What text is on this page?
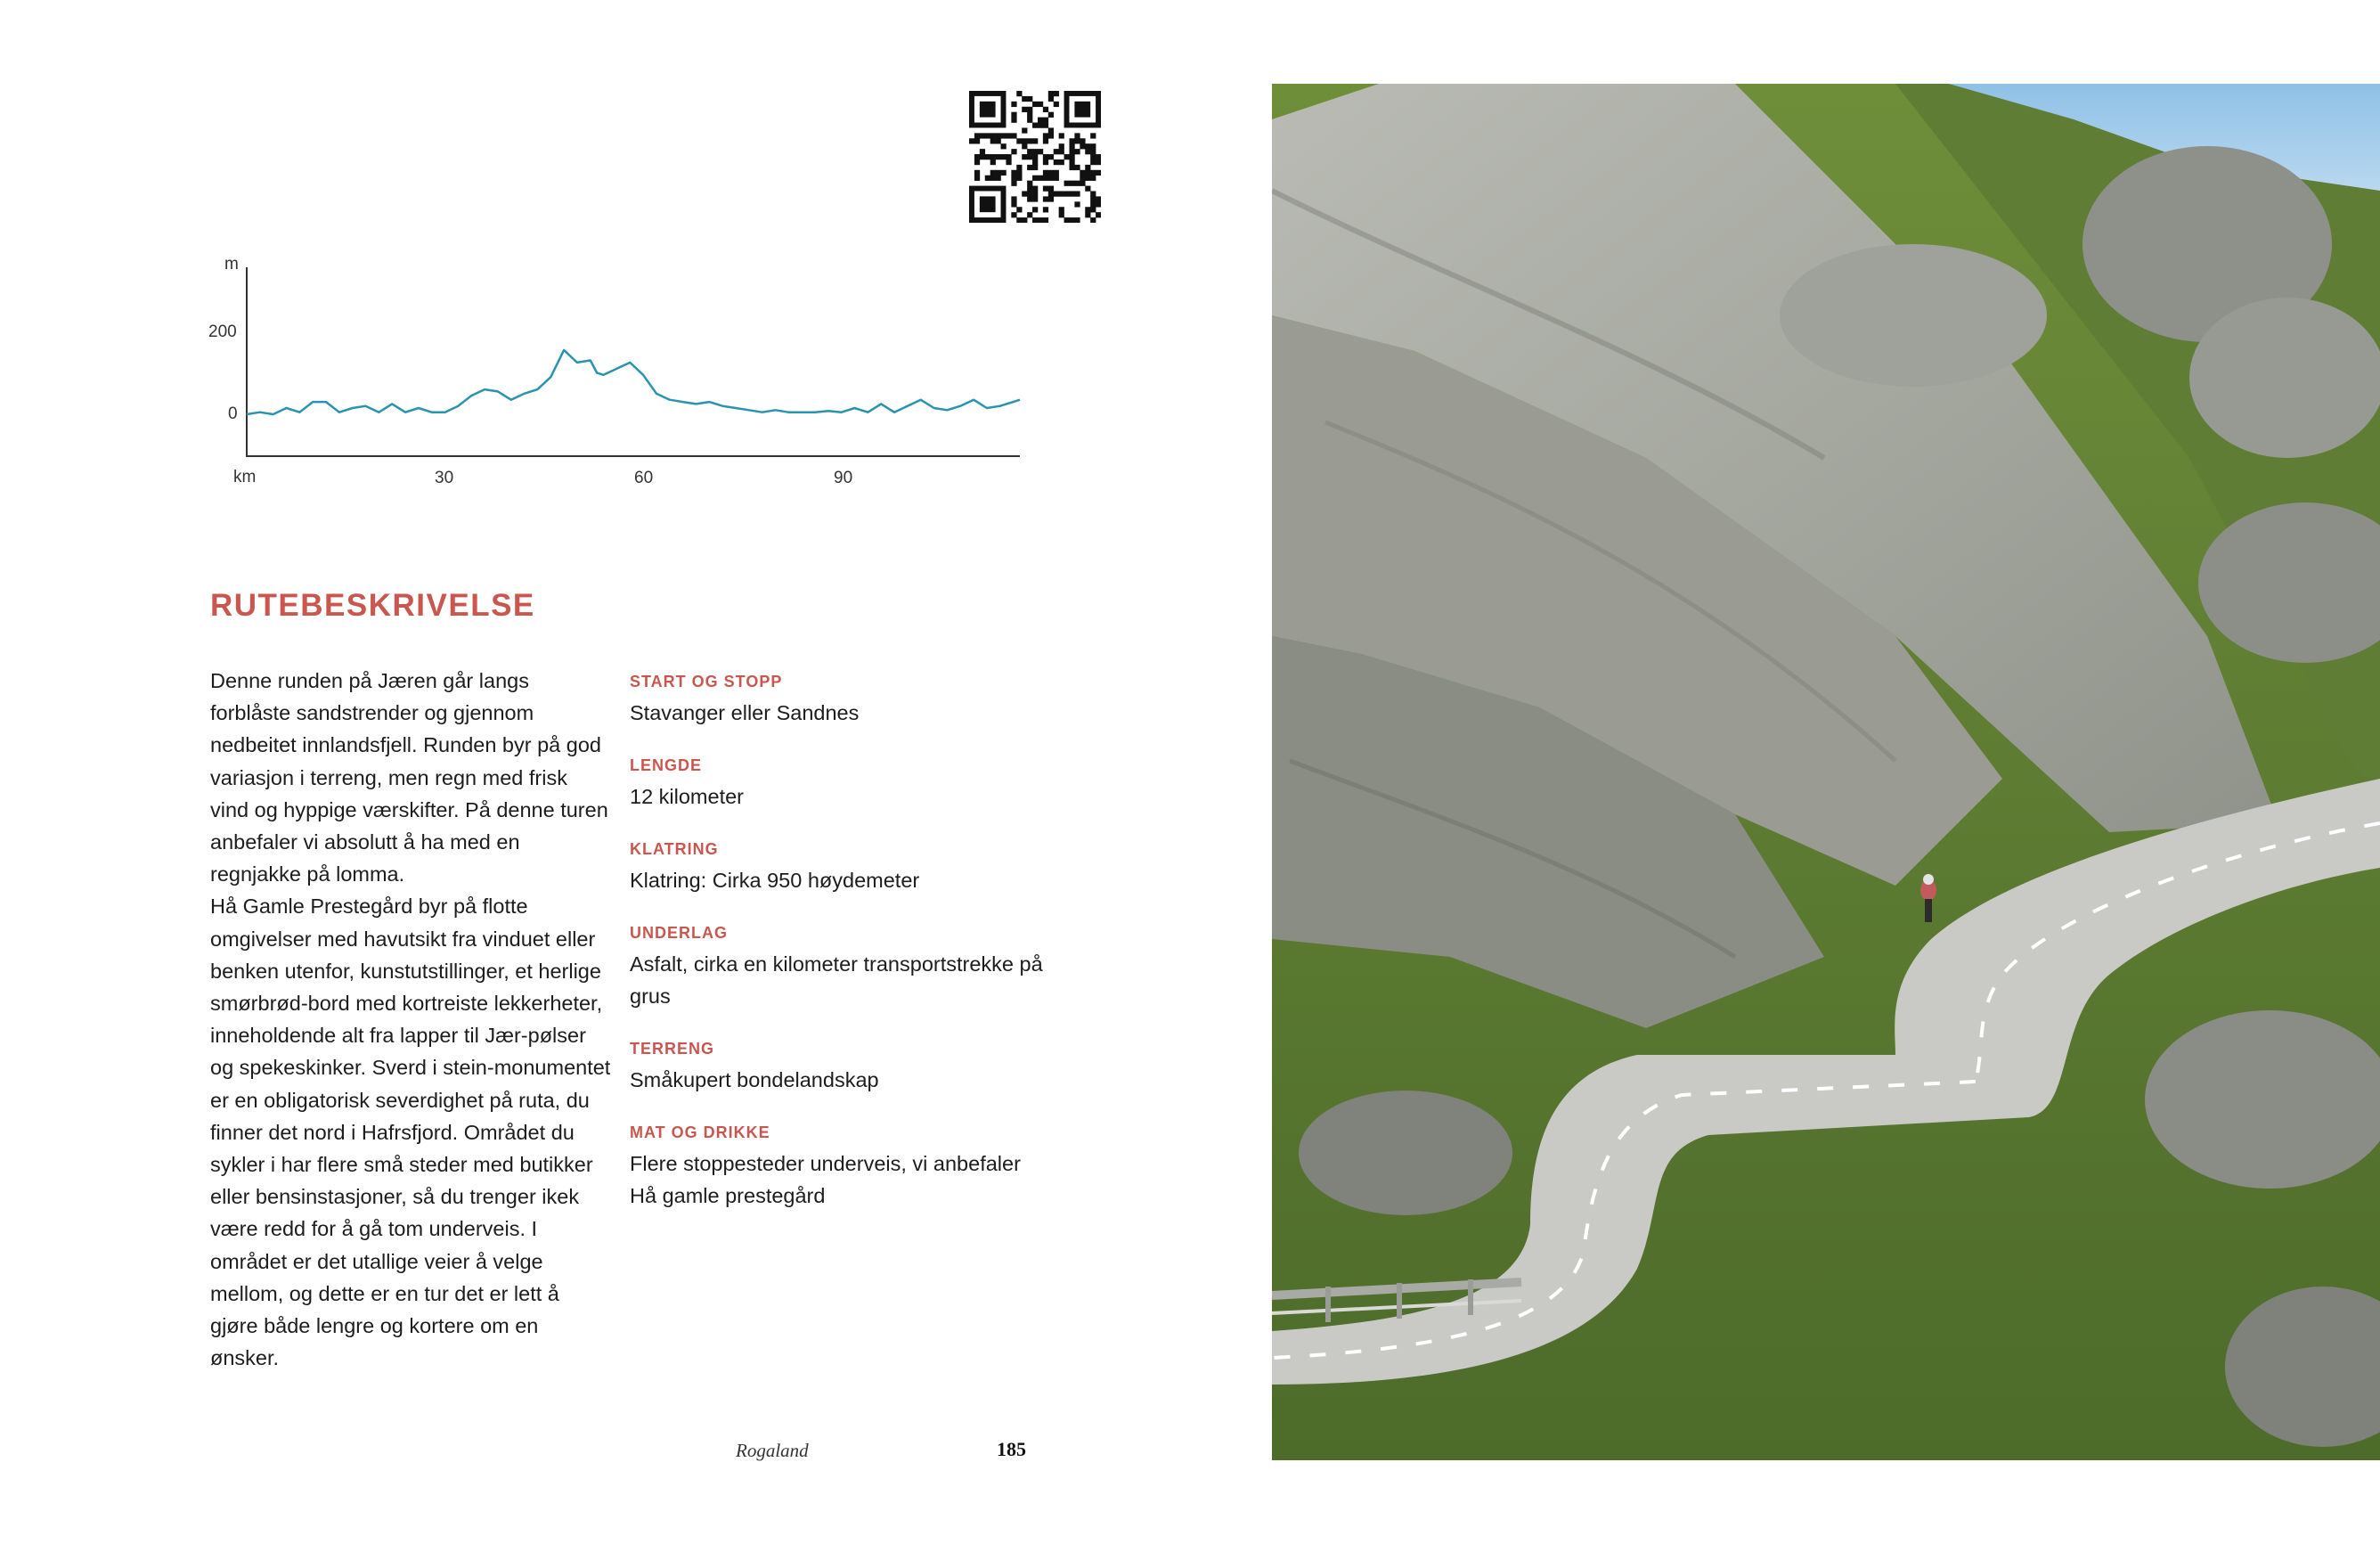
m
200
0
km	30	60	90
RUTEBESKRIVELSE

Denne runden på Jæren går langs forblåste sandstrender og gjennom nedbeitet innlandsfjell. Runden byr på god variasjon i terreng, men regn med frisk vind og hyppige værskifter. På denne turen anbefaler vi absolutt å ha med en regnjakke på lomma.

Hå Gamle Prestegård byr på flotte omgivelser med havutsikt fra vinduet eller benken utenfor, kunstutstillinger, et herlige smørbrød-bord med kortreiste lekkerheter, inneholdende alt fra lapper til Jær-pølser og spekeskinker. Sverd i stein-monumentet er en obligatorisk severdighet på ruta, du finner det nord i Hafrsfjord. Området du sykler i har flere små steder med butikker eller bensinstasjoner, så du trenger ikek være redd for å gå tom underveis. I området er det utallige veier å velge mellom, og dette er en tur det er lett å gjøre både lengre og kortere om en ønsker.

START OG STOPP
Stavanger eller Sandnes
LENGDE
12 kilometer
KLATRING
Klatring: Cirka 950 høydemeter
UNDERLAG
Asfalt, cirka en kilometer transportstrekke på grus
TERRENG
Småkupert bondelandskap
MAT OG DRIKKE
Flere stoppesteder underveis, vi anbefaler Hå gamle prestegård
Rogaland	185
